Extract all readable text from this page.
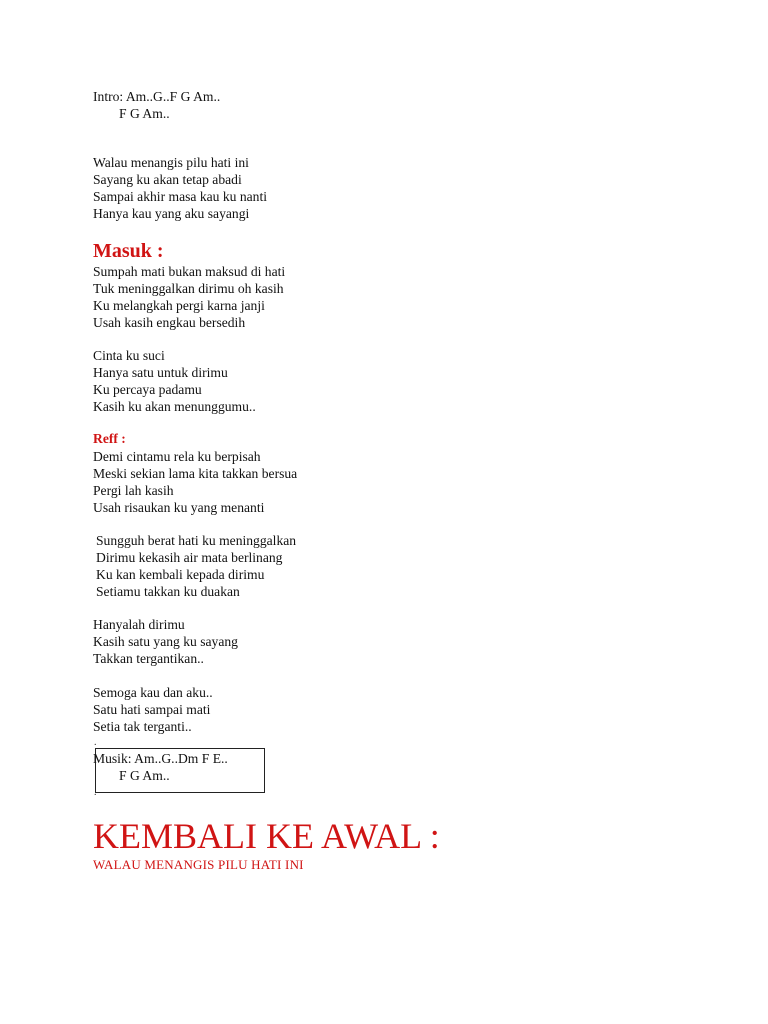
Intro: Am..G..F G Am..
F G Am..
Walau menangis pilu hati ini
Sayang ku akan tetap abadi
Sampai akhir masa kau ku nanti
Hanya kau yang aku sayangi
Masuk :
Sumpah mati bukan maksud di hati
Tuk meninggalkan dirimu oh kasih
Ku melangkah pergi karna janji
Usah kasih engkau bersedih
Cinta ku suci
Hanya satu untuk dirimu
Ku percaya padamu
Kasih ku akan menunggumu..
Reff :
Demi cintamu rela ku berpisah
Meski sekian lama kita takkan bersua
Pergi lah kasih
Usah risaukan ku yang menanti
Sungguh berat hati ku meninggalkan
Dirimu kekasih air mata berlinang
Ku kan kembali kepada dirimu
Setiamu takkan ku duakan
Hanyalah dirimu
Kasih satu yang ku sayang
Takkan tergantikan..
Semoga kau dan aku..
Satu hati sampai mati
Setia tak terganti..
.
Musik: Am..G..Dm F E..
F G Am..
.
KEMBALI KE AWAL :
WALAU MENANGIS PILU HATI INI
